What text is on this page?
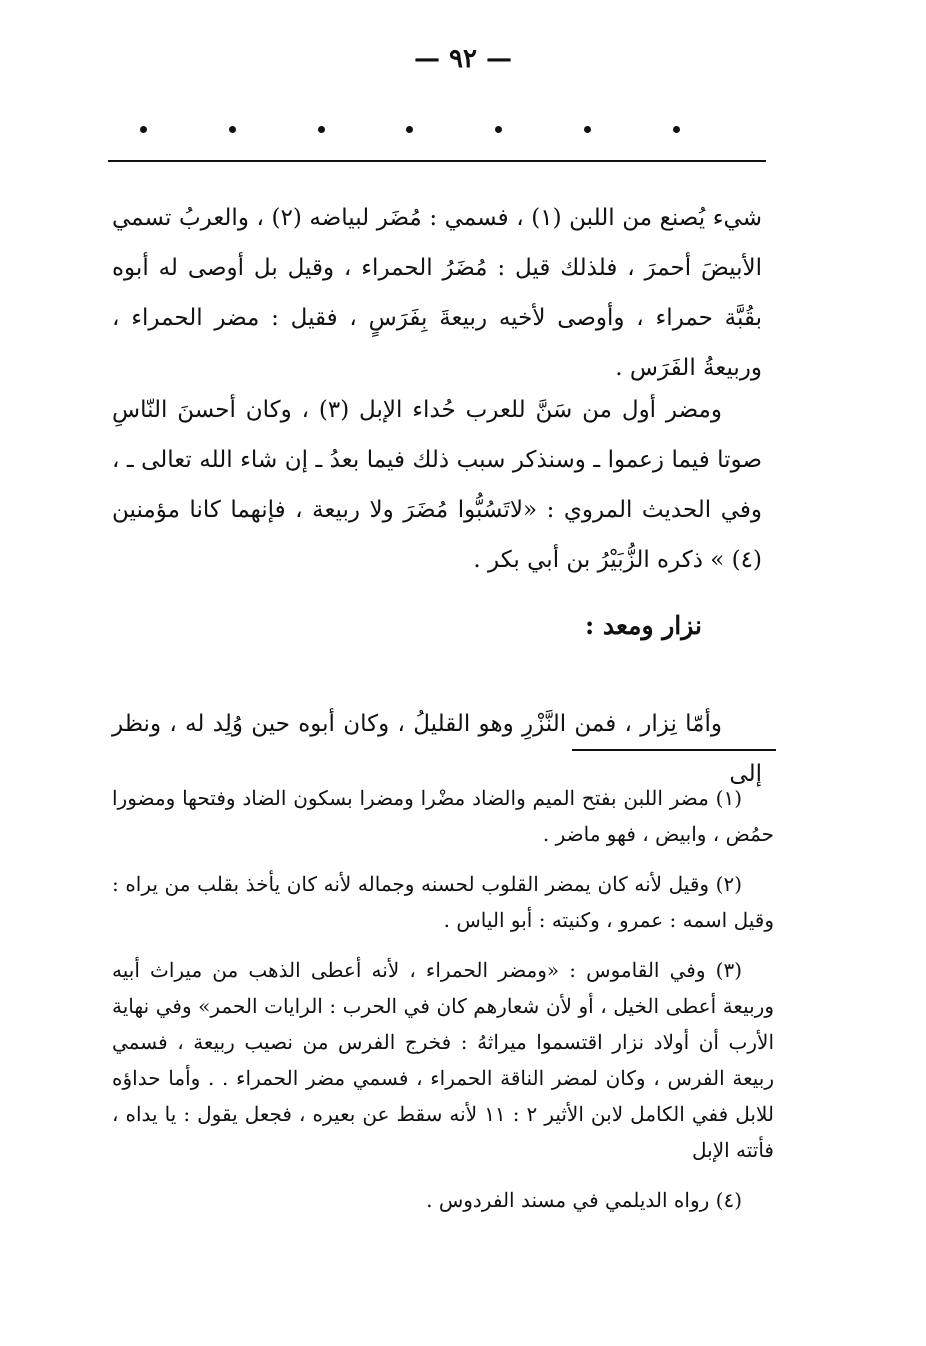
— ٩٢ —

شيء يُصنع من اللبن (١) ، فسمي : مُضَر لبياضه (٢) ، والعربُ تسمي الأبيضَ أحمرَ ، فلذلك قيل : مُضَرُ الحمراء ، وقيل بل أوصى له أبوه بقُبَّة حمراء ، وأوصى لأخيه ربيعةَ بِفَرَسٍ ، فقيل : مضر الحمراء ، وربيعةُ الفَرَس .

ومضر أول من سَنَّ للعرب حُداء الإبل (٣) ، وكان أحسنَ النّاسِ صوتا فيما زعموا ـ وسنذكر سبب ذلك فيما بعدُ ـ إن شاء الله تعالى ـ ، وفي الحديث المروي : «لاتَسُبُّوا مُضَرَ ولا ربيعة ، فإنهما كانا مؤمنين (٤) » ذكره الزُّبَيْرُ بن أبي بكر .

نزار ومعد :

وأمّا نِزار ، فمن النَّزْرِ وهو القليلُ ، وكان أبوه حين وُلِد له ، ونظر إلى

(١) مضر اللبن بفتح الميم والضاد مضْرا ومضرا بسكون الضاد وفتحها ومضورا حمُض ، وابيض ، فهو ماضر .

(٢) وقيل لأنه كان يمضر القلوب لحسنه وجماله لأنه كان يأخذ بقلب من يراه : وقيل اسمه : عمرو ، وكنيته : أبو الياس .

(٣) وفي القاموس : «ومضر الحمراء ، لأنه أعطى الذهب من ميراث أبيه وربيعة أعطى الخيل ، أو لأن شعارهم كان في الحرب : الرايات الحمر» وفي نهاية الأرب أن أولاد نزار اقتسموا ميراثهُ : فخرج الفرس من نصيب ربيعة ، فسمي ربيعة الفرس ، وكان لمضر الناقة الحمراء ، فسمي مضر الحمراء . . وأما حداؤه للابل ففي الكامل لابن الأثير ٢ : ١١ لأنه سقط عن بعيره ، فجعل يقول : يا يداه ، فأتته الإبل

(٤) رواه الديلمي في مسند الفردوس .
